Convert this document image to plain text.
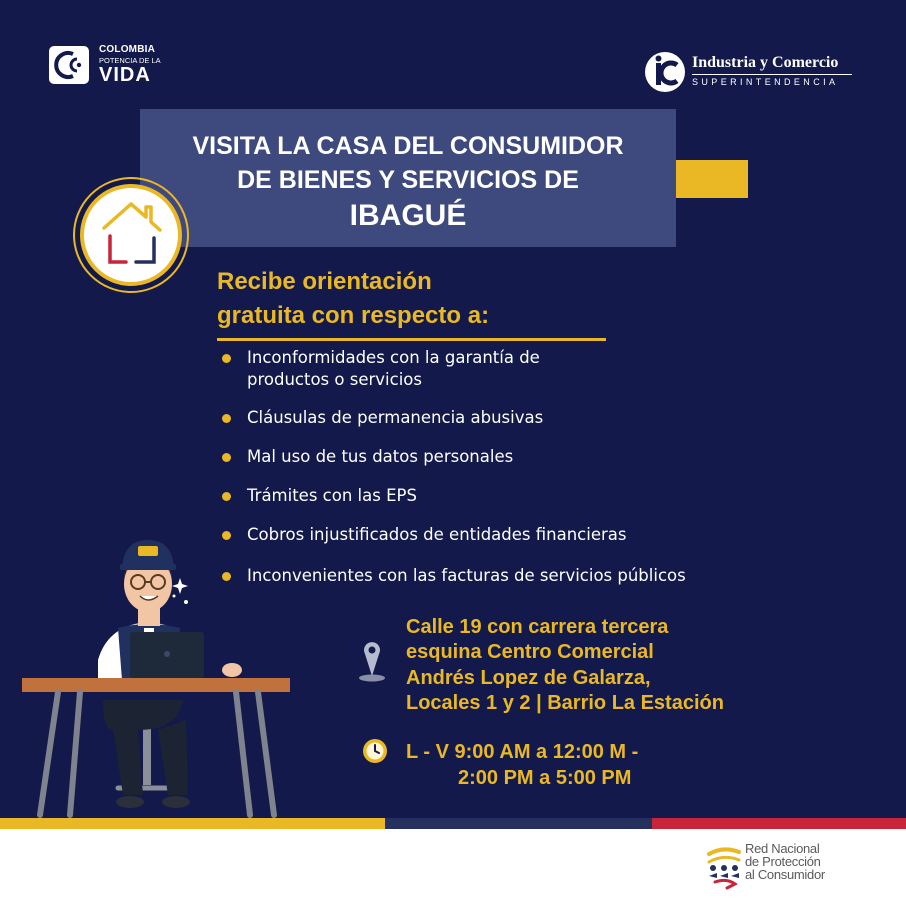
COLOMBIA
POTENCIA DE LA
VIDA
Industria y Comercio
SUPERINTENDENCIA
VISITA LA CASA DEL CONSUMIDOR
DE BIENES Y SERVICIOS DE
IBAGUÉ
Recibe orientación
gratuita con respecto a:
Inconformidades con la garantía de
productos o servicios
Cláusulas de permanencia abusivas
Mal uso de tus datos personales
Trámites con las EPS
Cobros injustificados de entidades financieras
Inconvenientes con las facturas de servicios públicos
Calle 19 con carrera tercera
esquina Centro Comercial
Andrés Lopez de Galarza,
Locales 1 y 2 | Barrio La Estación
L - V 9:00 AM a 12:00 M -
2:00 PM a 5:00 PM
Red Nacional
de Protección
al Consumidor
